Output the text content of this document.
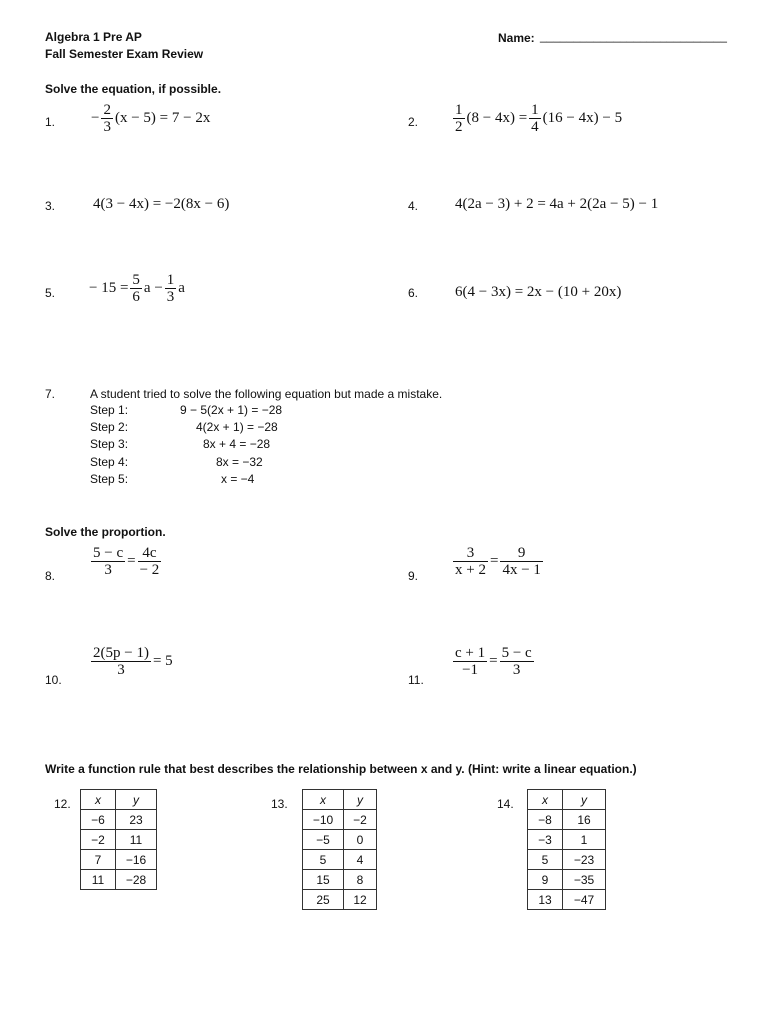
Algebra 1 Pre AP
Fall Semester Exam Review
Name: ____________________________
Solve the equation, if possible.
1. − $\frac{2}{3} (x - 5) = 7 - 2x$	2. $\frac{1}{2} (8 - 4x) = \frac{1}{4} (16 - 4x) - 5$
3.	4(3 − 4x) = −2(8x − 6)	4. 4(2a − 3) + 2 = 4a + 2(2a − 5) − 1
5. − $15 = \frac{5}{6}$ $a - \frac{1}{3}$ a	6. 6(4 − 3x) = 2x − (10 + 20x)
7.	A student tried to solve the following equation but made a mistake.
Step 1:	9 − 5(2x + 1) = −28
Step 2:	4(2x + 1) = −28
Step 3:	8x + 4 = −28
Step 4:	8x = −32
Step 5:	x = −4
Solve the proportion.
8. $\frac{5 - c}{3} = \frac{4c}{- 2}$	9. $\frac{3}{x + 2} = \frac{9}{4x - 1}$
10.
$\frac{2(5p - 1)}{3} = 5$
11.
$\frac{c + 1}{-1} = \frac{5 - c}{3}$
Write a function rule that best describes the relationship between x and y. (Hint: write a linear equation.)
12. x	y
−6	23
−2	11
7	−16
11	−28
13.	x	y
−10	−2
−5	0
5	4
15	8
25	12
14. x	y
−8	16
−3	1
5	−23
9	−35
13	−47
